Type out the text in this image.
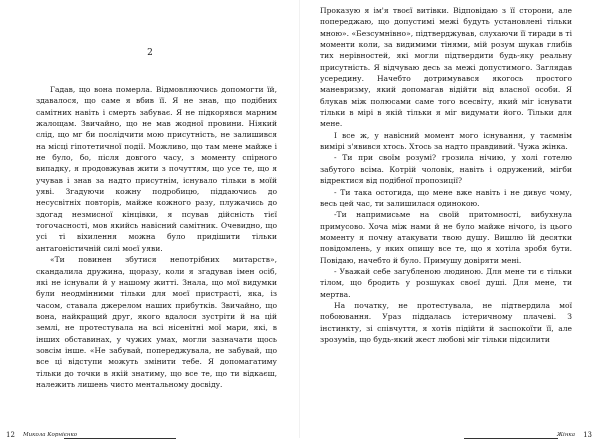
2

Гадав, що вона померла. Відмовляючись допомогти їй, здавалося, що саме я вбив її. Я не знав, що подібних самітних навіть і смерть забуває. Я не підкорявся марним жалощам. Звичайно, що не мав жодної провини. Ніякий слід, що мг би послідчити мою присутність, не залишився на місці гіпотетичної події. Можливо, що там мене майже і не було, бо, після довгого часу, з моменту спірного випадку, я продовжував жити з почуттям, що усе те, що я учував і знав за надто присутнім, існувало тільки в моїй уяві. Згадуючи кожну подробицю, піддаючись до несусвітніх повторів, майже кожного разу, плужачись до здогад незмисної кінцівки, я псував дійсність тієї тогочасності, мов якийсь навісний самітник. Очевидно, що усі ті віхилення можна було придішити тільки антагоністичній силі моєї уяви.

«Ти повинен збутися непотрібних митарств», скандалила дружина, щоразу, коли я згадував імен осіб, які не існували й у нашому житті. Знала, що мої видумки були неодмінними тільки для моєї пристрасті, яка, із часом, ставала джерелом наших прибутків. Звичайно, що вона, найкращий друг, якого вдалося зустріти й на цій землі, не протестувала на всі нісенітні мої мари, які, в інших обставинах, у чужих умах, могли зазначати щось зовсім інше. «Не забувай, попереджувала, не забувай, що все ці відступи можуть змінити тебе. Я допомагатиму тільки до точки в якій знатиму, що все те, що ти відкаєш, належить лишень чисто ментальному досвіду.

12 Микола Корнієнко

Проказую я ім'я твоєї витівки. Відповідаю з її сторони, але попереджаю, що допустимі межі будуть установлені тільки мною». «Безсумнівно», підтверджував, слухаючи її тиради в ті моменти коли, за видимими тінями, мій розум шукав глибів тих нерівностей, які могли підтвердити будь-яку реальну присутність. Я відчуваю десь за межі допустимого. Заглядав усередину. Начебто дотримувався якогось простого маневризму, який допомагав відійти від власної особи. Я блукав між полюсами саме того всесвіту, який міг існувати тільки в мірі в якій тільки я міг видумати його. Тільки для мене.

І все ж, у навісний момент мого існування, у таємнім вимірі з'явився хтось. Хтось за надто правдивий. Чужа жінка.

- Ти при своїм розумі? грозила нічию, у холі готелю забутого всіма. Котрій чоловік, навіть і одружений, мігби відректися від подібної пропозиції?

- Ти така остогида, що мене вже навіть і не дивує чому, весь цей час, ти залишилася одинокою.

-Ти напримисьме на своїй притомності, вибухнула примусово. Хоча між нами й не було майже нічого, із цього моменту я почну атакувати твою душу. Вишлю їй десятки повідомлень, у яких опишу все те, що я хотіла зробя бути. Повідаю, начебто й було. Примушу довіряти мені.

- Уважай себе загубленою людиною. Для мене ти є тільки тілом, що бродить у розшуках своєї душі. Для мене, ти мертва.

На початку, не протестувала, не підтвердила мої побоювання. Ураз піддалась істеричному плачеві. З інстинкту, зі співчуття, я хотів підійти й заспокоїти її, але зрозумів, що будь-який жест любові міг тільки підсилити

Жінка 13
